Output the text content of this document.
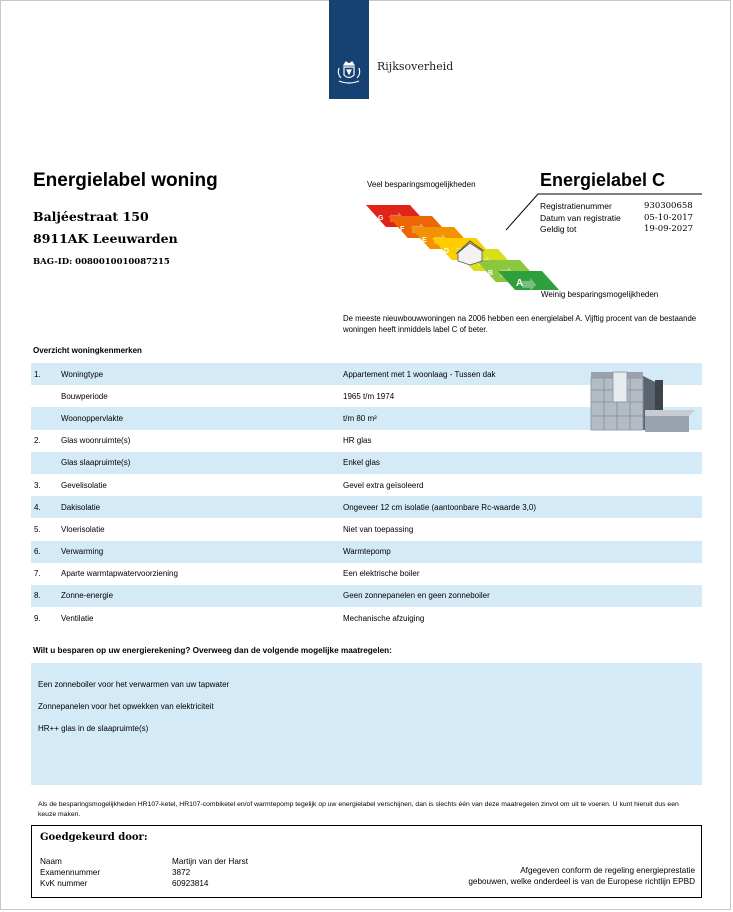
Rijksoverheid
Energielabel woning
Baljéestraat 150
8911AK Leeuwarden
BAG-ID: 0080010010087215
Veel besparingsmogelijkheden
G
F
E
D
B
A
Weinig besparingsmogelijkheden
Energielabel C
Registratienummer	930300658
Datum van registratie	05-10-2017
Geldig tot	19-09-2027
De meeste nieuwbouwwoningen na 2006 hebben een energielabel A. Vijftig procent van de bestaande woningen heeft inmiddels label C of beter.
Overzicht woningkenmerken
1.	Woningtype	Appartement met 1 woonlaag - Tussen dak
Bouwperiode	1965 t/m 1974
Woonoppervlakte	t/m 80 m²
2.	Glas woonruimte(s)	HR glas
Glas slaapruimte(s)	Enkel glas
3.	Gevelisolatie	Gevel extra geïsoleerd
4.	Dakisolatie	Ongeveer 12 cm isolatie (aantoonbare Rc-waarde 3,0)
5.	Vloerisolatie	Niet van toepassing
6.	Verwarming	Warmtepomp
7.	Aparte warmtapwatervoorziening	Een elektrische boiler
8.	Zonne-energie	Geen zonnepanelen en geen zonneboiler
9.	Ventilatie	Mechanische afzuiging
Wilt u besparen op uw energierekening? Overweeg dan de volgende mogelijke maatregelen:
Een zonneboiler voor het verwarmen van uw tapwater
Zonnepanelen voor het opwekken van elektriciteit
HR++ glas in de slaapruimte(s)
Als de besparingsmogelijkheden HR107-ketel, HR107-combiketel en/of warmtepomp tegelijk op uw energielabel verschijnen, dan is slechts één van deze maatregelen zinvol om uit te voeren. U kunt hieruit dus een keuze maken.
Goedgekeurd door:
Naam	Martijn van der Harst
Examennummer	3872
KvK nummer	60923814
Afgegeven conform de regeling energieprestatie
gebouwen, welke onderdeel is van de Europese richtlijn EPBD
